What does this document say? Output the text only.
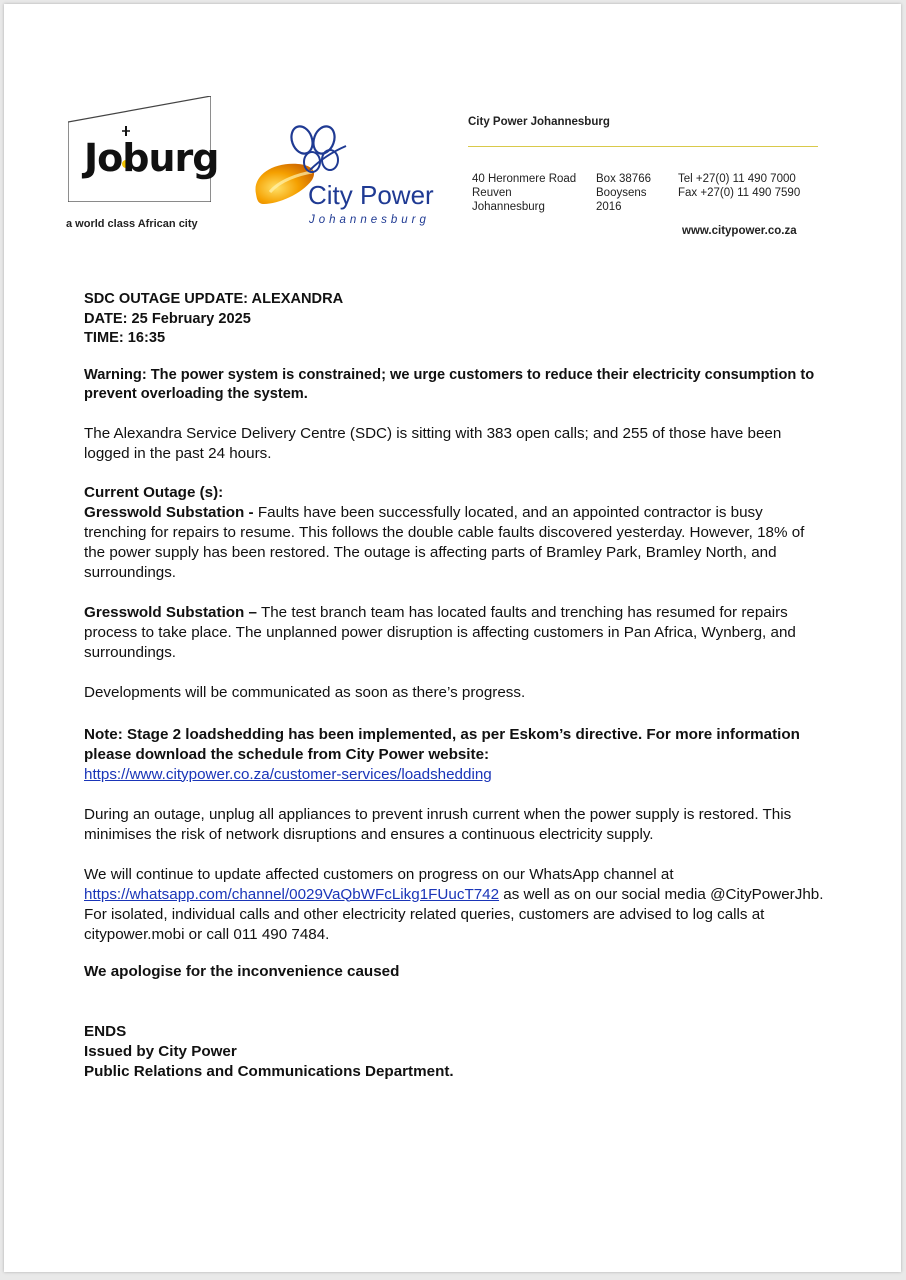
Joburg
a world class African city
City Power
Johannesburg
City Power Johannesburg
40 Heronmere Road
Reuven
Johannesburg
Box 38766
Booysens
2016
Tel +27(0) 11 490 7000
Fax +27(0) 11 490 7590
www.citypower.co.za
SDC OUTAGE UPDATE: ALEXANDRA
DATE: 25 February 2025
TIME: 16:35

Warning: The power system is constrained; we urge customers to reduce their electricity consumption to prevent overloading the system.

The Alexandra Service Delivery Centre (SDC) is sitting with 383 open calls; and 255 of those have been logged in the past 24 hours.

Current Outage (s):

Gresswold Substation - Faults have been successfully located, and an appointed contractor is busy trenching for repairs to resume. This follows the double cable faults discovered yesterday. However, 18% of the power supply has been restored. The outage is affecting parts of Bramley Park, Bramley North, and surroundings.

Gresswold Substation – The test branch team has located faults and trenching has resumed for repairs process to take place. The unplanned power disruption is affecting customers in Pan Africa, Wynberg, and surroundings.

Developments will be communicated as soon as there’s progress.

Note: Stage 2 loadshedding has been implemented, as per Eskom’s directive. For more information please download the schedule from City Power website:

https://www.citypower.co.za/customer-services/loadshedding

During an outage, unplug all appliances to prevent inrush current when the power supply is restored. This minimises the risk of network disruptions and ensures a continuous electricity supply.

We will continue to update affected customers on progress on our WhatsApp channel at https://whatsapp.com/channel/0029VaQbWFcLikg1FUucT742 as well as on our social media @CityPowerJhb. For isolated, individual calls and other electricity related queries, customers are advised to log calls at citypower.mobi or call 011 490 7484.

We apologise for the inconvenience caused
ENDS
Issued by City Power
Public Relations and Communications Department.
